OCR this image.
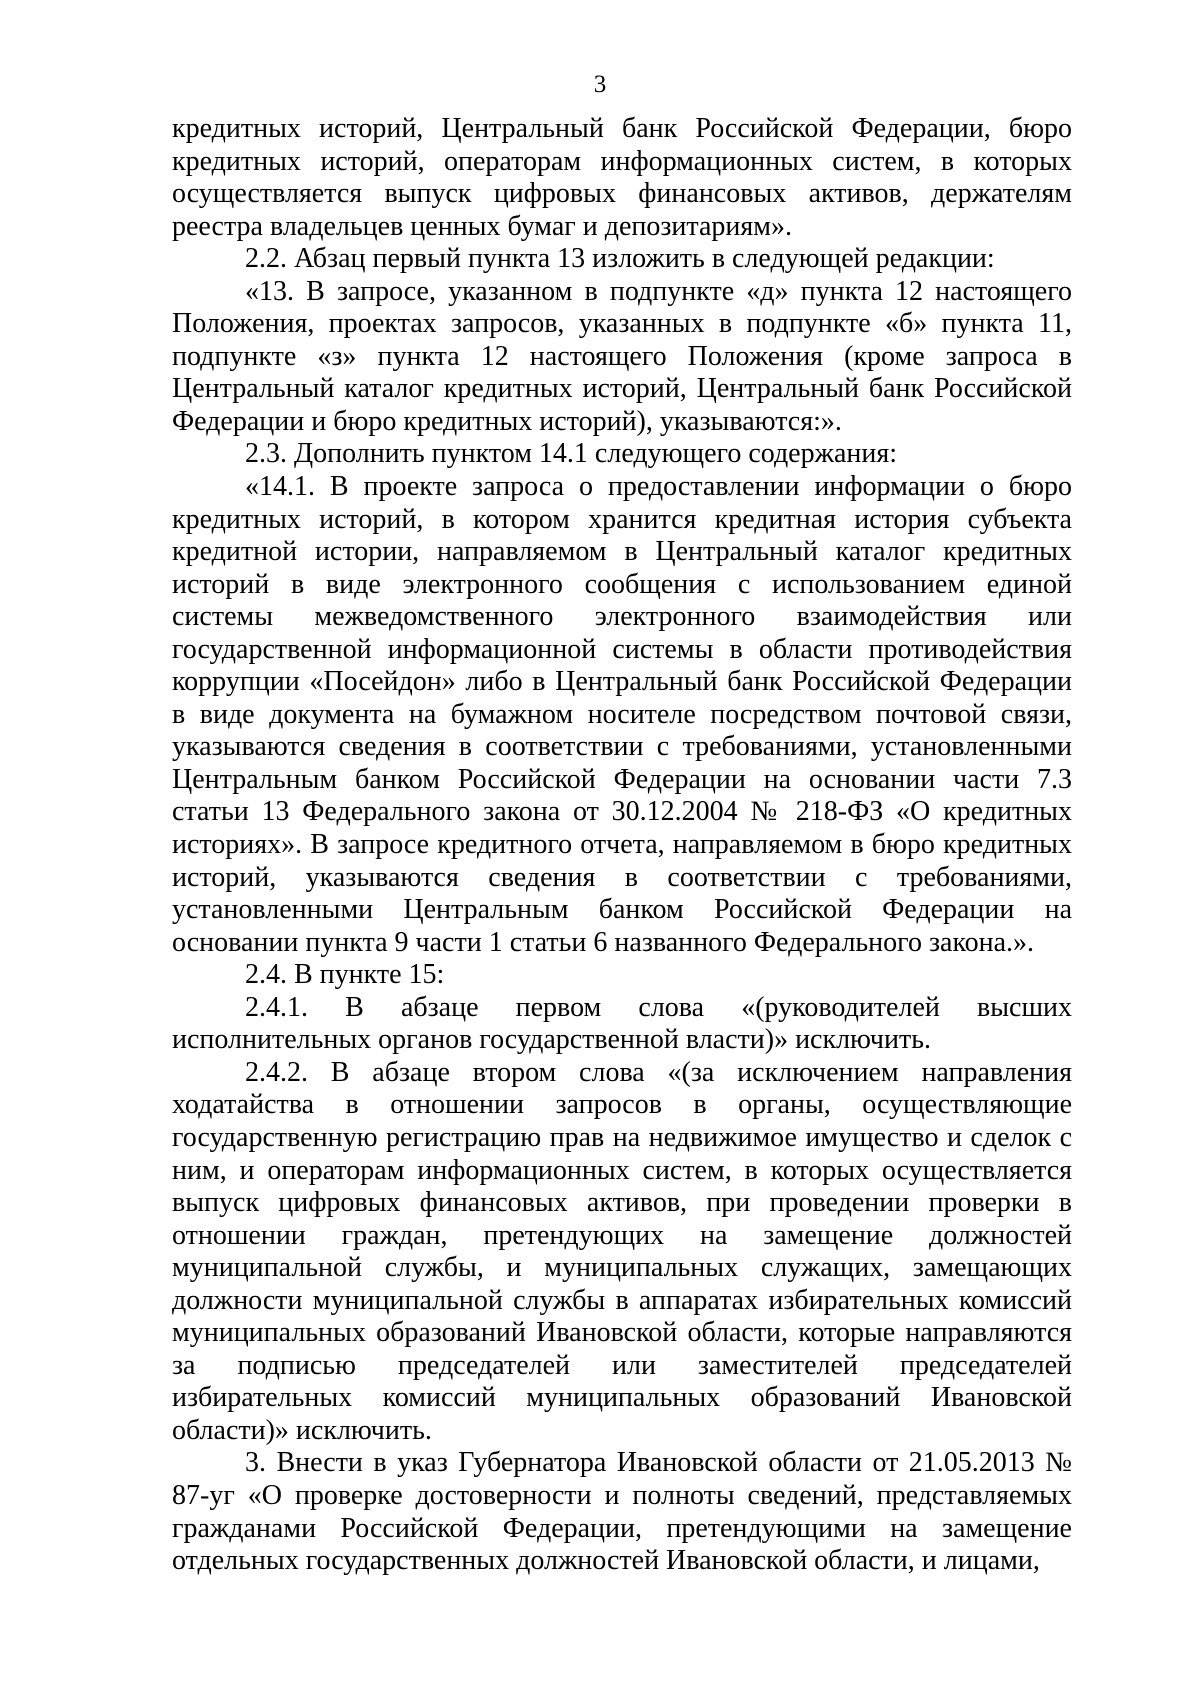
3

кредитных историй, Центральный банк Российской Федерации, бюро кредитных историй, операторам информационных систем, в которых осуществляется выпуск цифровых финансовых активов, держателям реестра владельцев ценных бумаг и депозитариям».

2.2. Абзац первый пункта 13 изложить в следующей редакции:

«13. В запросе, указанном в подпункте «д» пункта 12 настоящего Положения, проектах запросов, указанных в подпункте «б» пункта 11, подпункте «з» пункта 12 настоящего Положения (кроме запроса в Центральный каталог кредитных историй, Центральный банк Российской Федерации и бюро кредитных историй), указываются:».

2.3. Дополнить пунктом 14.1 следующего содержания:

«14.1. В проекте запроса о предоставлении информации о бюро кредитных историй, в котором хранится кредитная история субъекта кредитной истории, направляемом в Центральный каталог кредитных историй в виде электронного сообщения с использованием единой системы межведомственного электронного взаимодействия или государственной информационной системы в области противодействия коррупции «Посейдон» либо в Центральный банк Российской Федерации в виде документа на бумажном носителе посредством почтовой связи, указываются сведения в соответствии с требованиями, установленными Центральным банком Российской Федерации на основании части 7.3 статьи 13 Федерального закона от 30.12.2004 № 218-ФЗ «О кредитных историях». В запросе кредитного отчета, направляемом в бюро кредитных историй, указываются сведения в соответствии с требованиями, установленными Центральным банком Российской Федерации на основании пункта 9 части 1 статьи 6 названного Федерального закона.».

2.4. В пункте 15:

2.4.1. В абзаце первом слова «(руководителей высших исполнительных органов государственной власти)» исключить.

2.4.2. В абзаце втором слова «(за исключением направления ходатайства в отношении запросов в органы, осуществляющие государственную регистрацию прав на недвижимое имущество и сделок с ним, и операторам информационных систем, в которых осуществляется выпуск цифровых финансовых активов, при проведении проверки в отношении граждан, претендующих на замещение должностей муниципальной службы, и муниципальных служащих, замещающих должности муниципальной службы в аппаратах избирательных комиссий муниципальных образований Ивановской области, которые направляются за подписью председателей или заместителей председателей избирательных комиссий муниципальных образований Ивановской области)» исключить.

3. Внести в указ Губернатора Ивановской области от 21.05.2013 № 87-уг «О проверке достоверности и полноты сведений, представляемых гражданами Российской Федерации, претендующими на замещение отдельных государственных должностей Ивановской области, и лицами,
